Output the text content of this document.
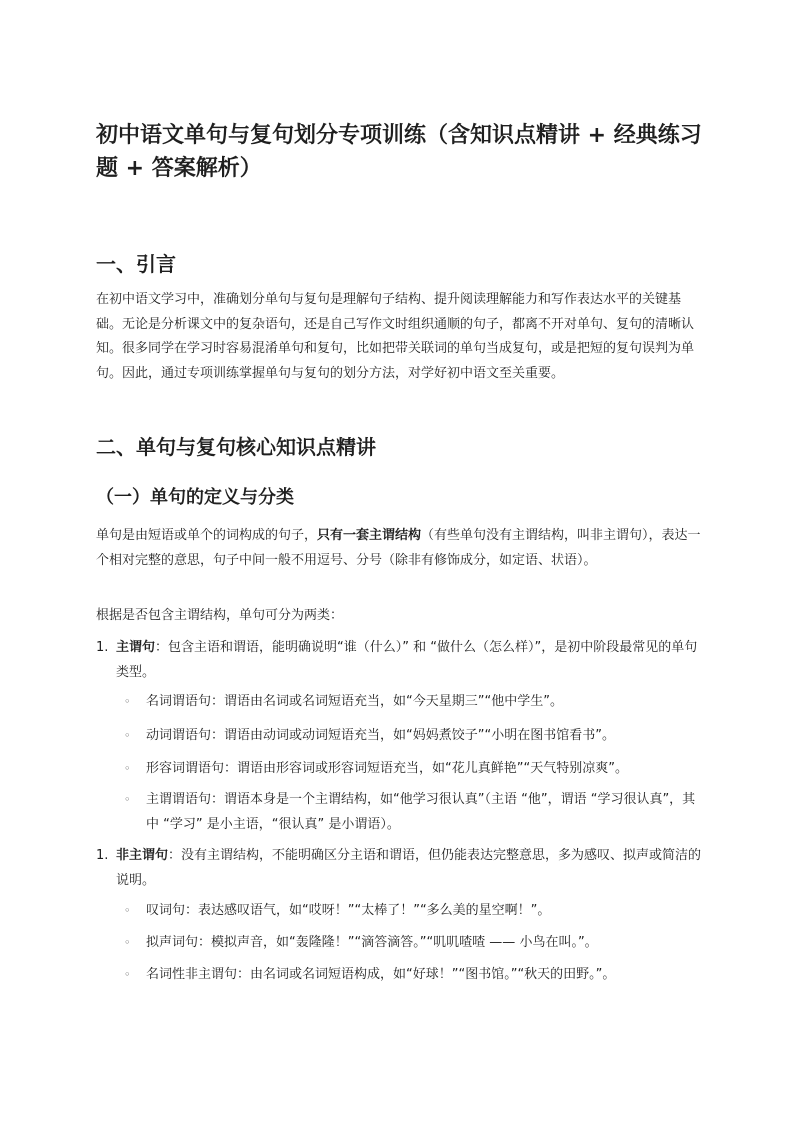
初中语文单句与复句划分专项训练（含知识点精讲 + 经典练习题 + 答案解析）
一、引言

在初中语文学习中，准确划分单句与复句是理解句子结构、提升阅读理解能力和写作表达水平的关键基础。无论是分析课文中的复杂语句，还是自己写作文时组织通顺的句子，都离不开对单句、复句的清晰认知。很多同学在学习时容易混淆单句和复句，比如把带关联词的单句当成复句，或是把短的复句误判为单句。因此，通过专项训练掌握单句与复句的划分方法，对学好初中语文至关重要。

二、单句与复句核心知识点精讲
（一）单句的定义与分类

单句是由短语或单个的词构成的句子，只有一套主谓结构（有些单句没有主谓结构，叫非主谓句），表达一个相对完整的意思，句子中间一般不用逗号、分号（除非有修饰成分，如定语、状语）。

根据是否包含主谓结构，单句可分为两类：

1. 主谓句：包含主语和谓语，能明确说明“谁（什么）” 和 “做什么（怎么样）”，是初中阶段最常见的单句类型。
◦	名词谓语句：谓语由名词或名词短语充当，如“今天星期三”“他中学生”。
◦	动词谓语句：谓语由动词或动词短语充当，如“妈妈煮饺子”“小明在图书馆看书”。
◦	形容词谓语句：谓语由形容词或形容词短语充当，如“花儿真鲜艳”“天气特别凉爽”。
◦	主谓谓语句：谓语本身是一个主谓结构，如“他学习很认真”（主语 “他”，谓语 “学习很认真”，其中 “学习” 是小主语，“很认真” 是小谓语）。
1. 非主谓句：没有主谓结构，不能明确区分主语和谓语，但仍能表达完整意思，多为感叹、拟声或简洁的说明。
◦	叹词句：表达感叹语气，如“哎呀！”“太棒了！”“多么美的星空啊！”。
◦	拟声词句：模拟声音，如“轰隆隆！”“滴答滴答。”“叽叽喳喳 —— 小鸟在叫。”。
◦	名词性非主谓句：由名词或名词短语构成，如“好球！”“图书馆。”“秋天的田野。”。
